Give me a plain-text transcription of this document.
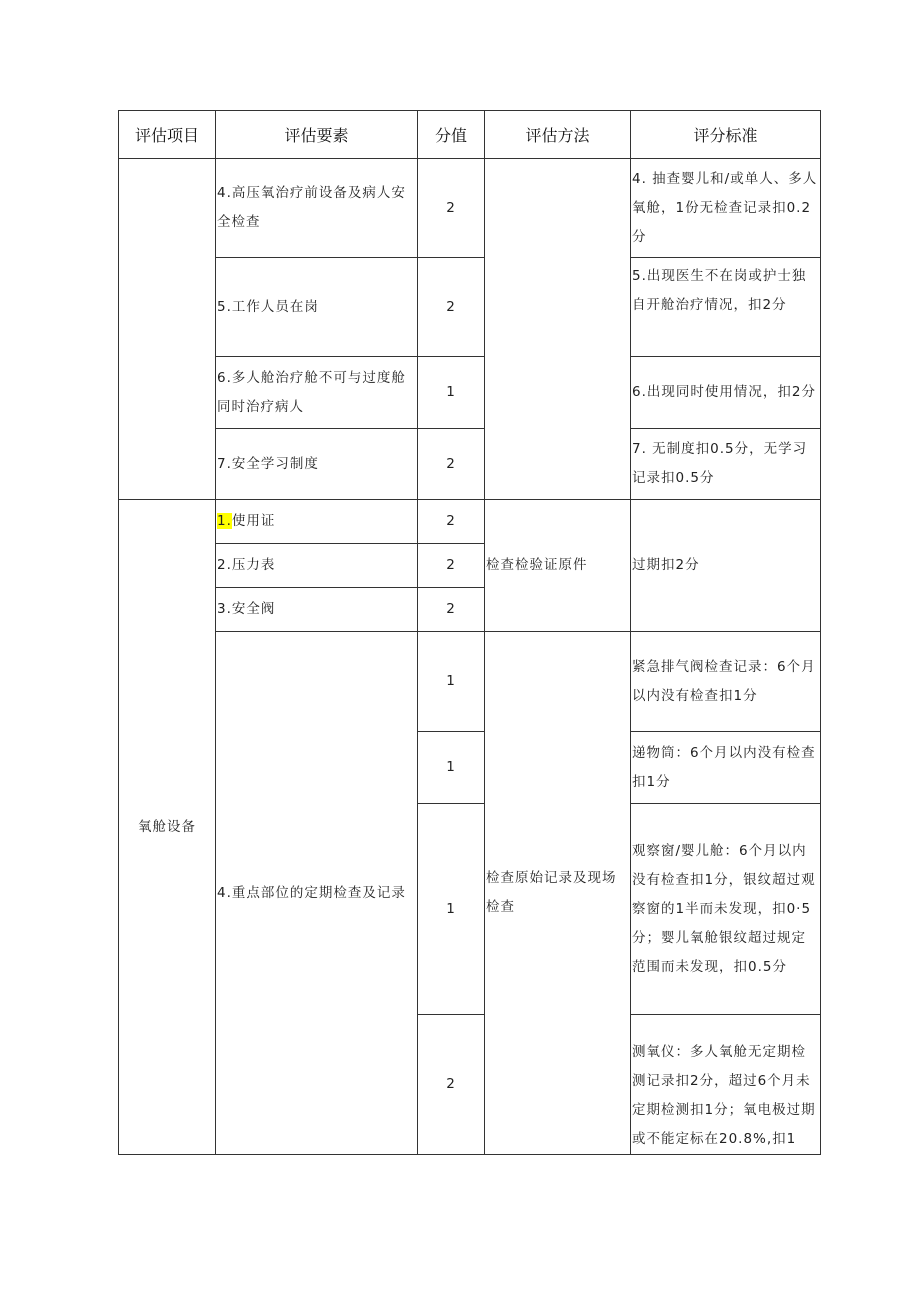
评估项目	评估要素	分值	评估方法	评分标准
	4.高压氧治疗前设备及病人安全检查	2		4. 抽查婴儿和/或单人、多人氧舱，1份无检查记录扣0.2分
	5.工作人员在岗	2		5.出现医生不在岗或护士独自开舱治疗情况，扣2分
	6.多人舱治疗舱不可与过度舱同时治疗病人	1		6.出现同时使用情况，扣2分
	7.安全学习制度	2		7. 无制度扣0.5分，无学习记录扣0.5分
氧舱设备	1.使用证	2	检查检验证原件	过期扣2分
	2.压力表	2		
	3.安全阀	2		
	4.重点部位的定期检查及记录	1	检查原始记录及现场检查	紧急排气阀检查记录：6个月以内没有检查扣1分
		1		递物筒：6个月以内没有检查扣1分
		1		观察窗/婴儿舱：6个月以内没有检查扣1分，银纹超过观察窗的1半而未发现，扣0·5分；婴儿氧舱银纹超过规定范围而未发现，扣0.5分
		2		测氧仪：多人氧舱无定期检测记录扣2分，超过6个月未定期检测扣1分；氧电极过期或不能定标在20.8%,扣1
